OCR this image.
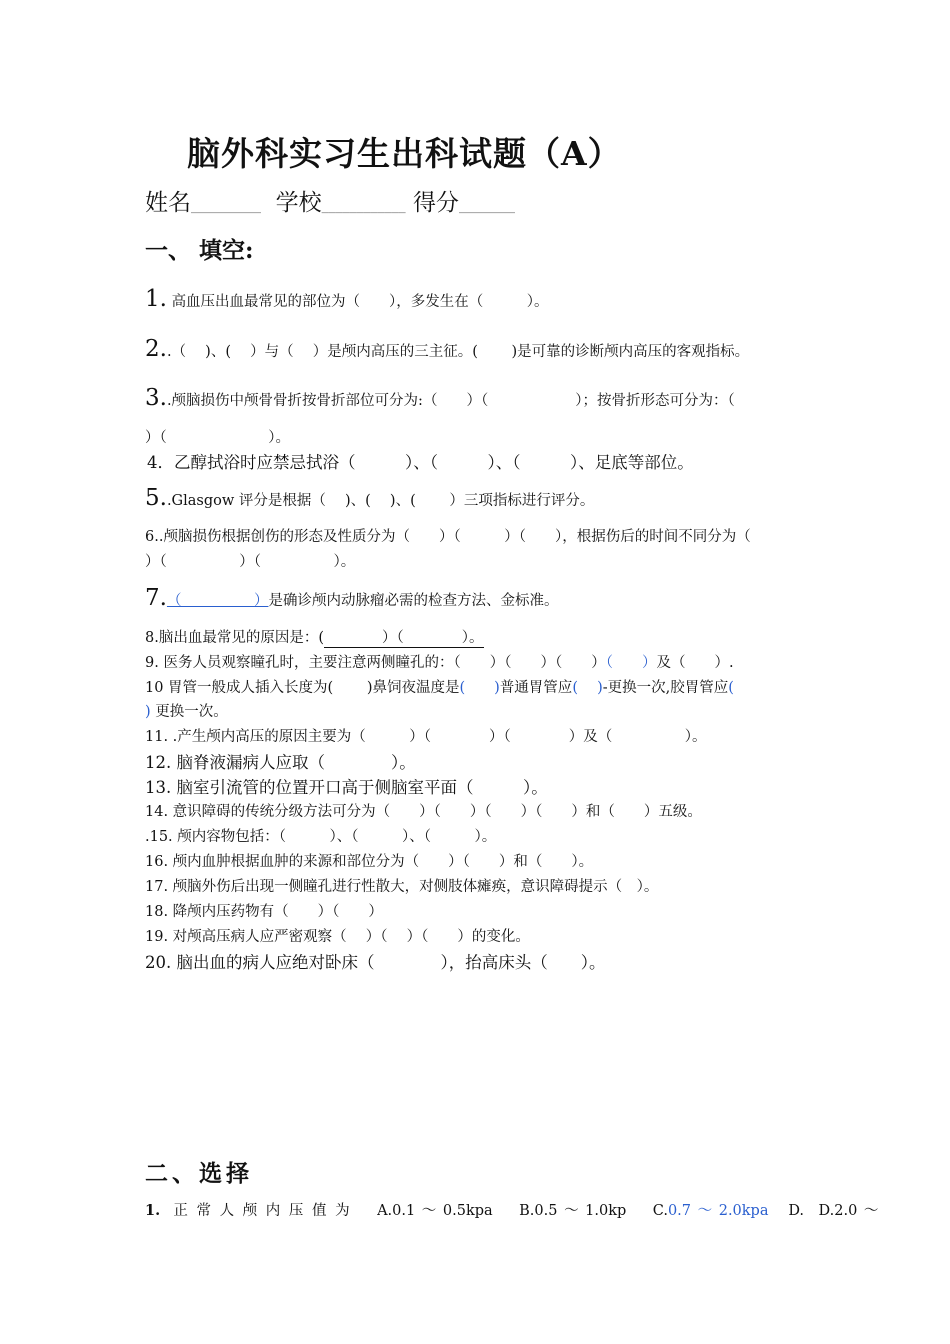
脑外科实习生出科试题（A）
姓名__________ 学校____________ 得分________
一、 填空:
1. 高血压出血最常见的部位为（　　），多发生在（　　　）。
2..（　 )、(　 ）与（　 ）是颅内高压的三主征。(　　 )是可靠的诊断颅内高压的客观指标。
3..颅脑损伤中颅骨骨折按骨折部位可分为:（　　）（　　　　　　）；按骨折形态可分为：（
）（　　　　　　　）。
4．乙醇拭浴时应禁忌拭浴（　　　）、（　　　）、（　　　）、足底等部位。
5..Glasgow 评分是根据（　 )、(　 )、(　　 ）三项指标进行评分。
6..颅脑损伤根据创伤的形态及性质分为（　　）（　　　）（　　），根据伤后的时间不同分为（
）（　　　　　）（　　　　　）。
7.（　　　　　）是确诊颅内动脉瘤必需的检查方法、金标准。
8.脑出血最常见的原因是：(　　　　）（　　　　）。
9. 医务人员观察瞳孔时，主要注意两侧瞳孔的：（　　）（　　）（　　）（　　）及（　　）.
10 胃管一般成人插入长度为(　　 )鼻饲夜温度是(　　)普通胃管应(　 )-更换一次,胶胃管应(
) 更换一次。
11. .产生颅内高压的原因主要为（　　　）（　　　　）（　　　　）及（　　　　　）。
12. 脑脊液漏病人应取（　　　　）。
13. 脑室引流管的位置开口高于侧脑室平面（　　　）。
14. 意识障碍的传统分级方法可分为（　　）（　　）（　　）（　　）和（　　）五级。
.15. 颅内容物包括：（　　　）、（　　　）、（　　　）。
16. 颅内血肿根据血肿的来源和部位分为（　　）（　　）和（　　）。
17. 颅脑外伤后出现一侧瞳孔进行性散大，对侧肢体瘫痪，意识障碍提示（　）。
18. 降颅内压药物有（　　）（　　）
19. 对颅高压病人应严密观察（　 ）（　 ）（　　）的变化。
20. 脑出血的病人应绝对卧床（　　　　），抬高床头（　　）。
二、选择
1. 正 常 人 颅 内 压 值 为 A.0.1 ～ 0.5kpa B.0.5 ～ 1.0kp C.0.7 ～ 2.0kpa D.　D.2.0 ～
